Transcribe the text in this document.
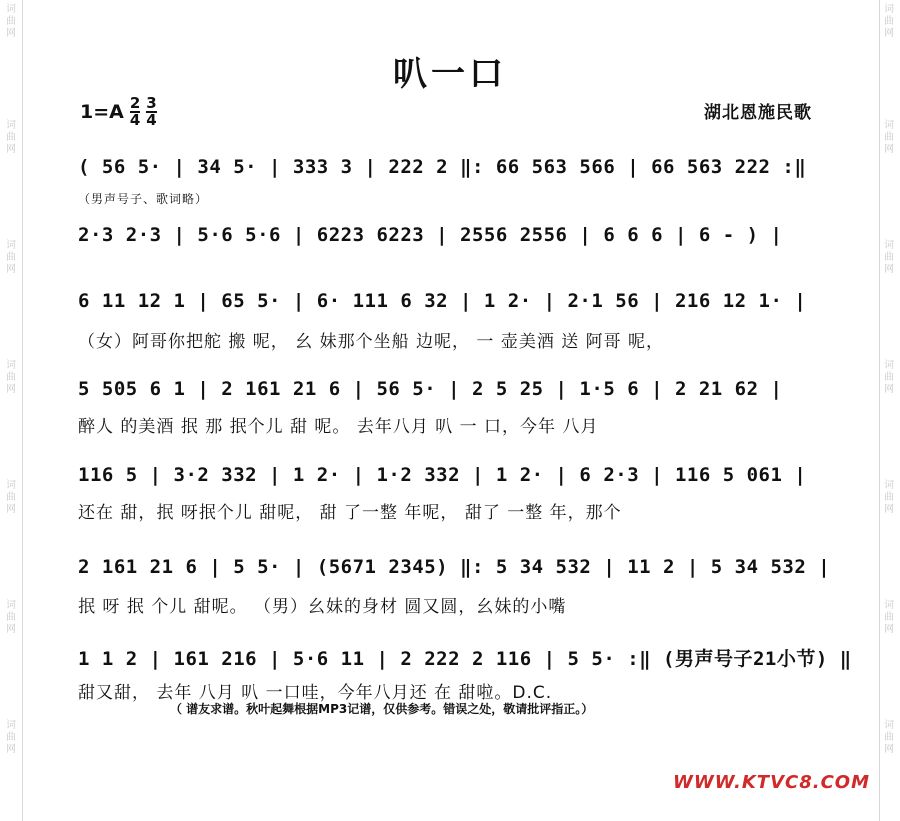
词曲网
词曲网
词曲网
词曲网
词曲网
词曲网
词曲网
词曲网
词曲网
词曲网
词曲网
词曲网
词曲网
词曲网
叭一口
$1=A \frac{2}{4} \frac{3}{4}$	湖北恩施民歌
( 56 5· | 34 5· | 333 3 | 222 2 ‖: 66 563 566 | 66 563 222 :‖
（男声号子、歌词略）
2·3 2·3 | 5·6 5·6 | 6223 6223 | 2556 2556 | 6 6 6 | 6 - ) |
6 11 12 1 | 65 5· | 6· 111 6 32 | 1 2· | 2·1 56 | 216 12 1· |
（女）阿哥你把舵 搬 呢， 幺 妹那个坐船 边呢， 一 壶美酒 送 阿哥 呢，
5 505 6 1 | 2 161 21 6 | 56 5· | 2 5 25 | 1·5 6 | 2 21 62 |
醉人 的美酒 抿 那 抿个儿 甜 呢。 去年八月 叭 一 口，今年 八月
116 5 | 3·2 332 | 1 2· | 1·2 332 | 1 2· | 6 2·3 | 116 5 061 |
还在 甜，抿 呀抿个儿 甜呢， 甜 了一整 年呢， 甜了 一整 年，那个
2 161 21 6 | 5 5· | (5671 2345) ‖: 5 34 532 | 11 2 | 5 34 532 |
抿 呀 抿 个儿 甜呢。 （男）幺妹的身材 圆又圆，幺妹的小嘴
1 1 2 | 161 216 | 5·6 11 | 2 222 2 116 | 5 5· :‖ (男声号子21小节) ‖
甜又甜， 去年 八月 叭 一口哇，今年八月还 在 甜啦。D.C.
（ 谱友求谱。秋叶起舞根据MP3记谱，仅供参考。错误之处，敬请批评指正。）
WWW.KTVC8.COM
